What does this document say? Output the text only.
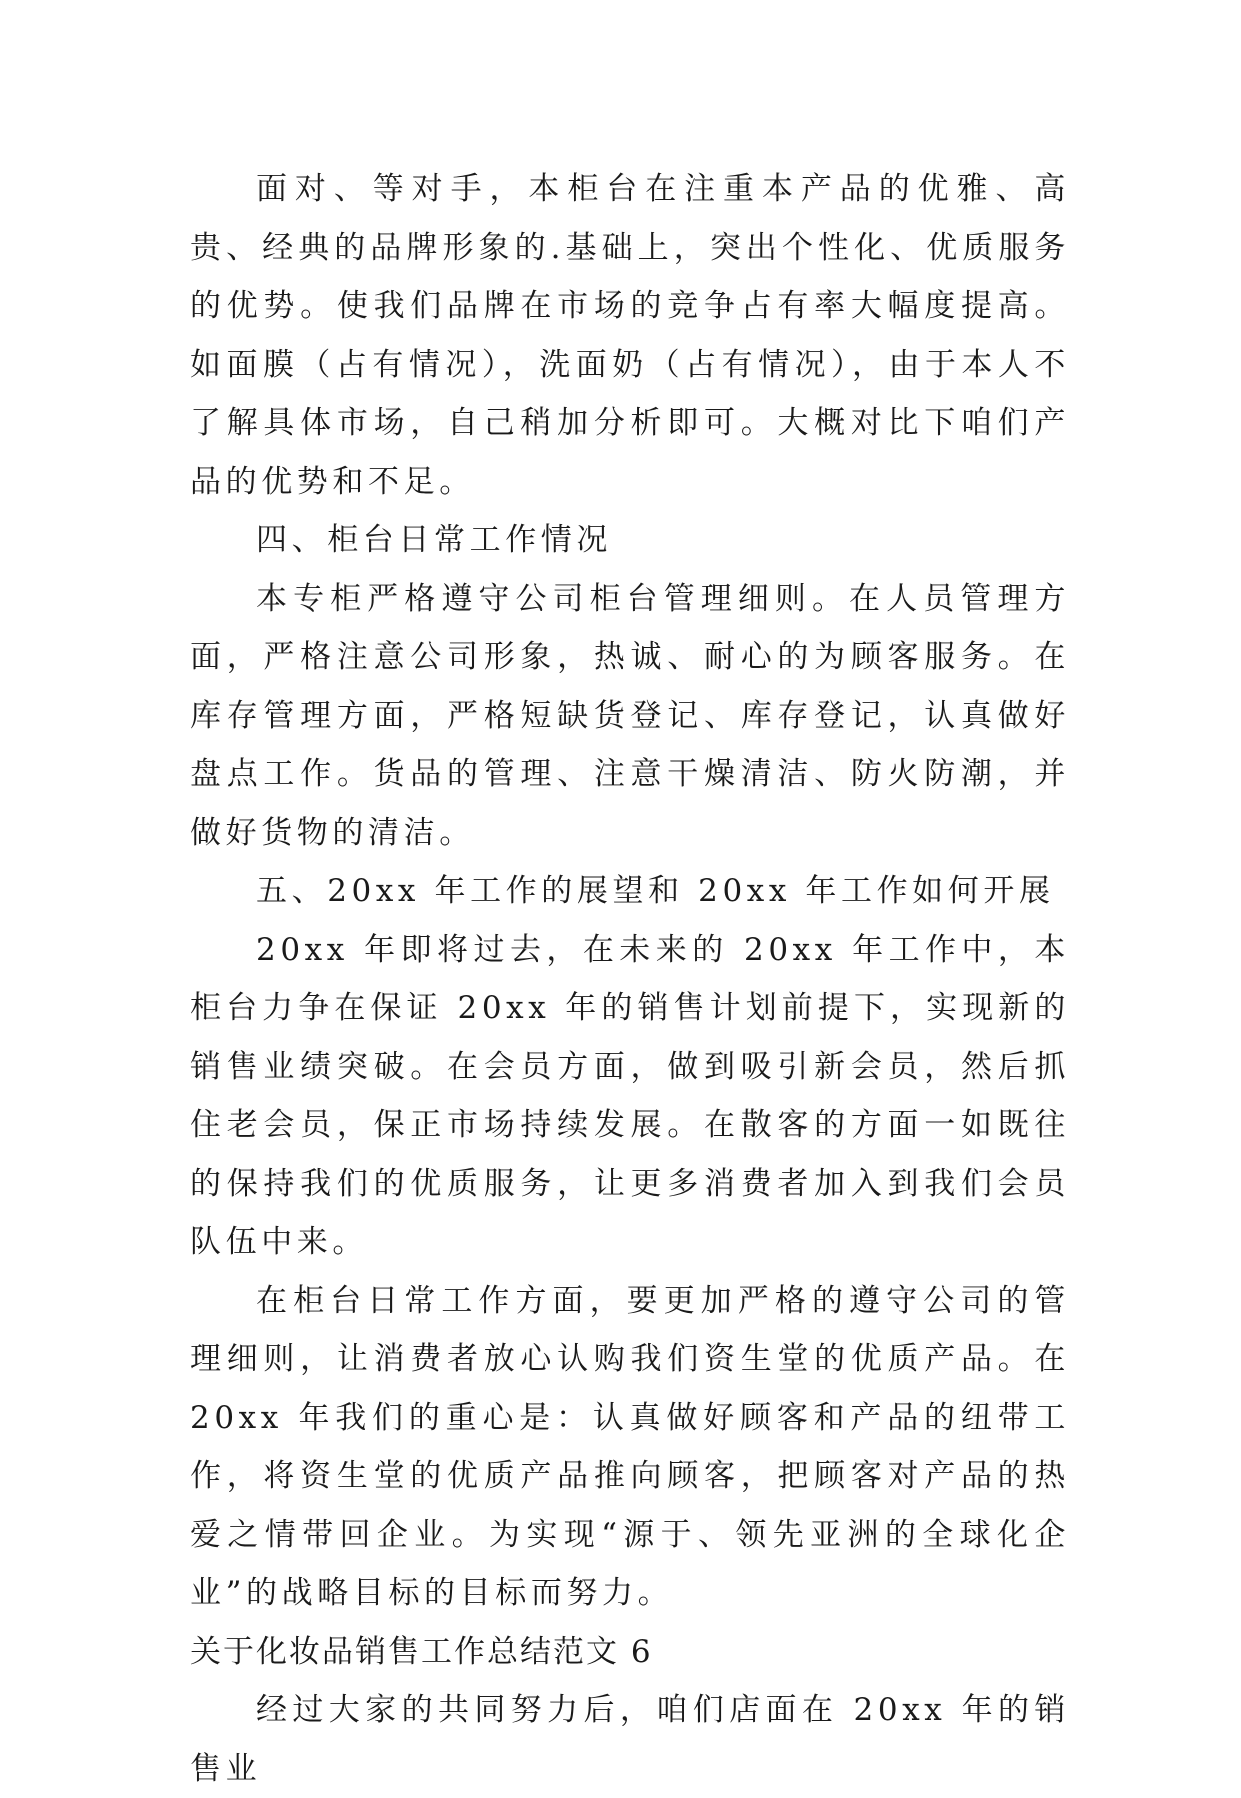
面对、等对手，本柜台在注重本产品的优雅、高贵、经典的品牌形象的.基础上，突出个性化、优质服务的优势。使我们品牌在市场的竞争占有率大幅度提高。如面膜（占有情况），洗面奶（占有情况），由于本人不了解具体市场，自己稍加分析即可。大概对比下咱们产品的优势和不足。

四、柜台日常工作情况

本专柜严格遵守公司柜台管理细则。在人员管理方面，严格注意公司形象，热诚、耐心的为顾客服务。在库存管理方面，严格短缺货登记、库存登记，认真做好盘点工作。货品的管理、注意干燥清洁、防火防潮，并做好货物的清洁。

五、20xx 年工作的展望和 20xx 年工作如何开展

20xx 年即将过去，在未来的 20xx 年工作中，本柜台力争在保证 20xx 年的销售计划前提下，实现新的销售业绩突破。在会员方面，做到吸引新会员，然后抓住老会员，保正市场持续发展。在散客的方面一如既往的保持我们的优质服务，让更多消费者加入到我们会员队伍中来。

在柜台日常工作方面，要更加严格的遵守公司的管理细则，让消费者放心认购我们资生堂的优质产品。在 20xx 年我们的重心是：认真做好顾客和产品的纽带工作，将资生堂的优质产品推向顾客，把顾客对产品的热爱之情带回企业。为实现“源于、领先亚洲的全球化企业”的战略目标的目标而努力。

关于化妆品销售工作总结范文 6

经过大家的共同努力后，咱们店面在 20xx 年的销售业
